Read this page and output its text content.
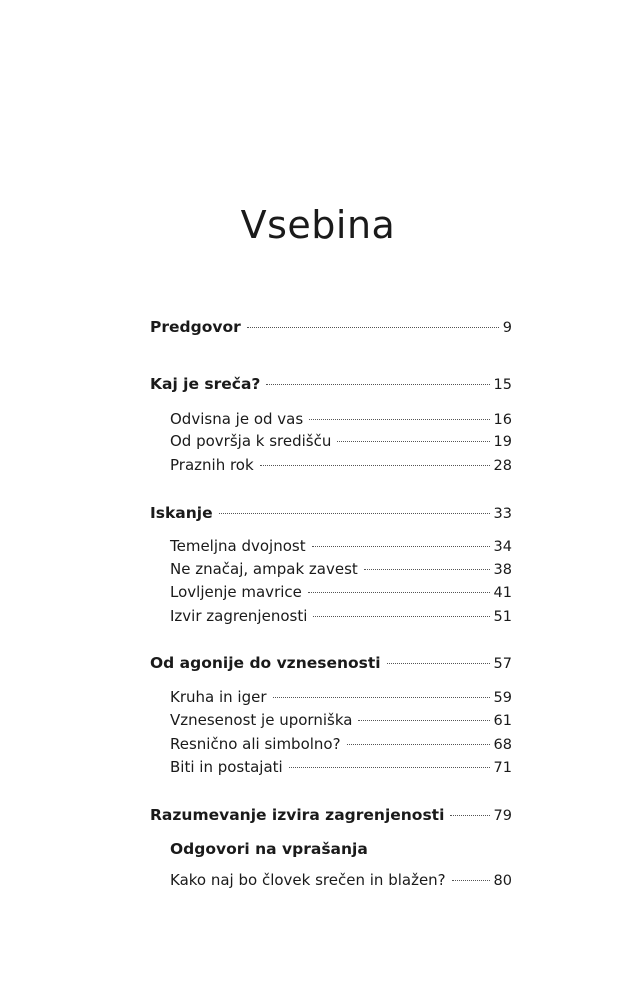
Vsebina
Predgovor	9
Kaj je sreča?	15
Odvisna je od vas	16
Od površja k središču	19
Praznih rok	28
Iskanje	33
Temeljna dvojnost	34
Ne značaj, ampak zavest	38
Lovljenje mavrice	41
Izvir zagrenjenosti	51
Od agonije do vznesenosti	57
Kruha in iger	59
Vznesenost je uporniška	61
Resnično ali simbolno?	68
Biti in postajati	71
Razumevanje izvira zagrenjenosti	79
Odgovori na vprašanja
Kako naj bo človek srečen in blažen?	80
